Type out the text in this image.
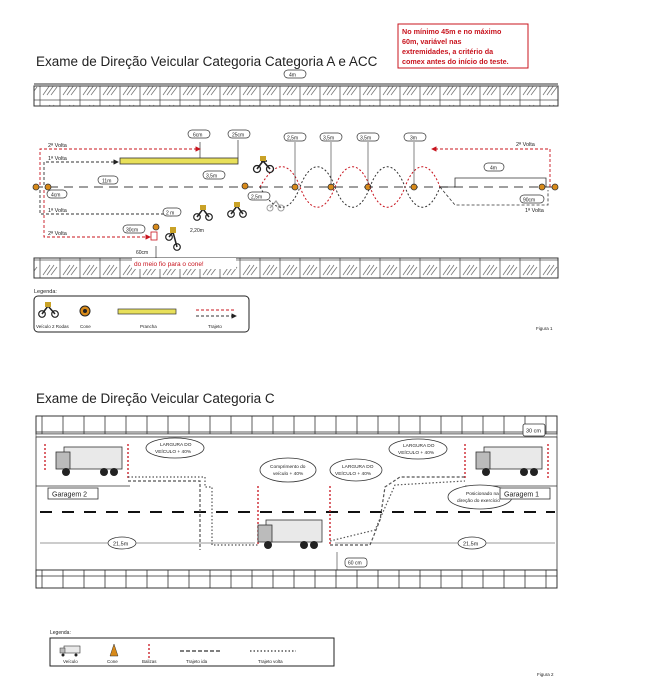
Exame de Direção Veicular Categoria Categoria A e ACC
No mínimo 45m e no máximo
60m, variável nas
extremidades, a critério da
comex antes do início do teste.
4m
6cm	25cm
2ª Volta
1ª Volta
2,5m	3,5m	3,5m	3m
11m
4cm
3,5m
2,5m
4m
90cm
2ª Volta
1ª Volta
1ª Volta
2ª Volta
2 m
2,20m
30cm
60cm
do meio fio para o cone!
Legenda:
Veículo 2 Rodas Cone	Prancha	Trajeto	Figura 1
Exame de Direção Veicular Categoria C
LARGURA DO
VEÍCULO + 40%
LARGURA DO
VEÍCULO + 40%
Comprimento do
veículo + 40%
LARGURA DO
VEÍCULO + 40%
Posicionado na
direção do exercício
30 cm
Garagem 2	Garagem 1
21,5m	21,5m
60 cm
Legenda:
Veículo	Cone	Balizas	Trajeto ida	Trajeto volta
Figura 2
